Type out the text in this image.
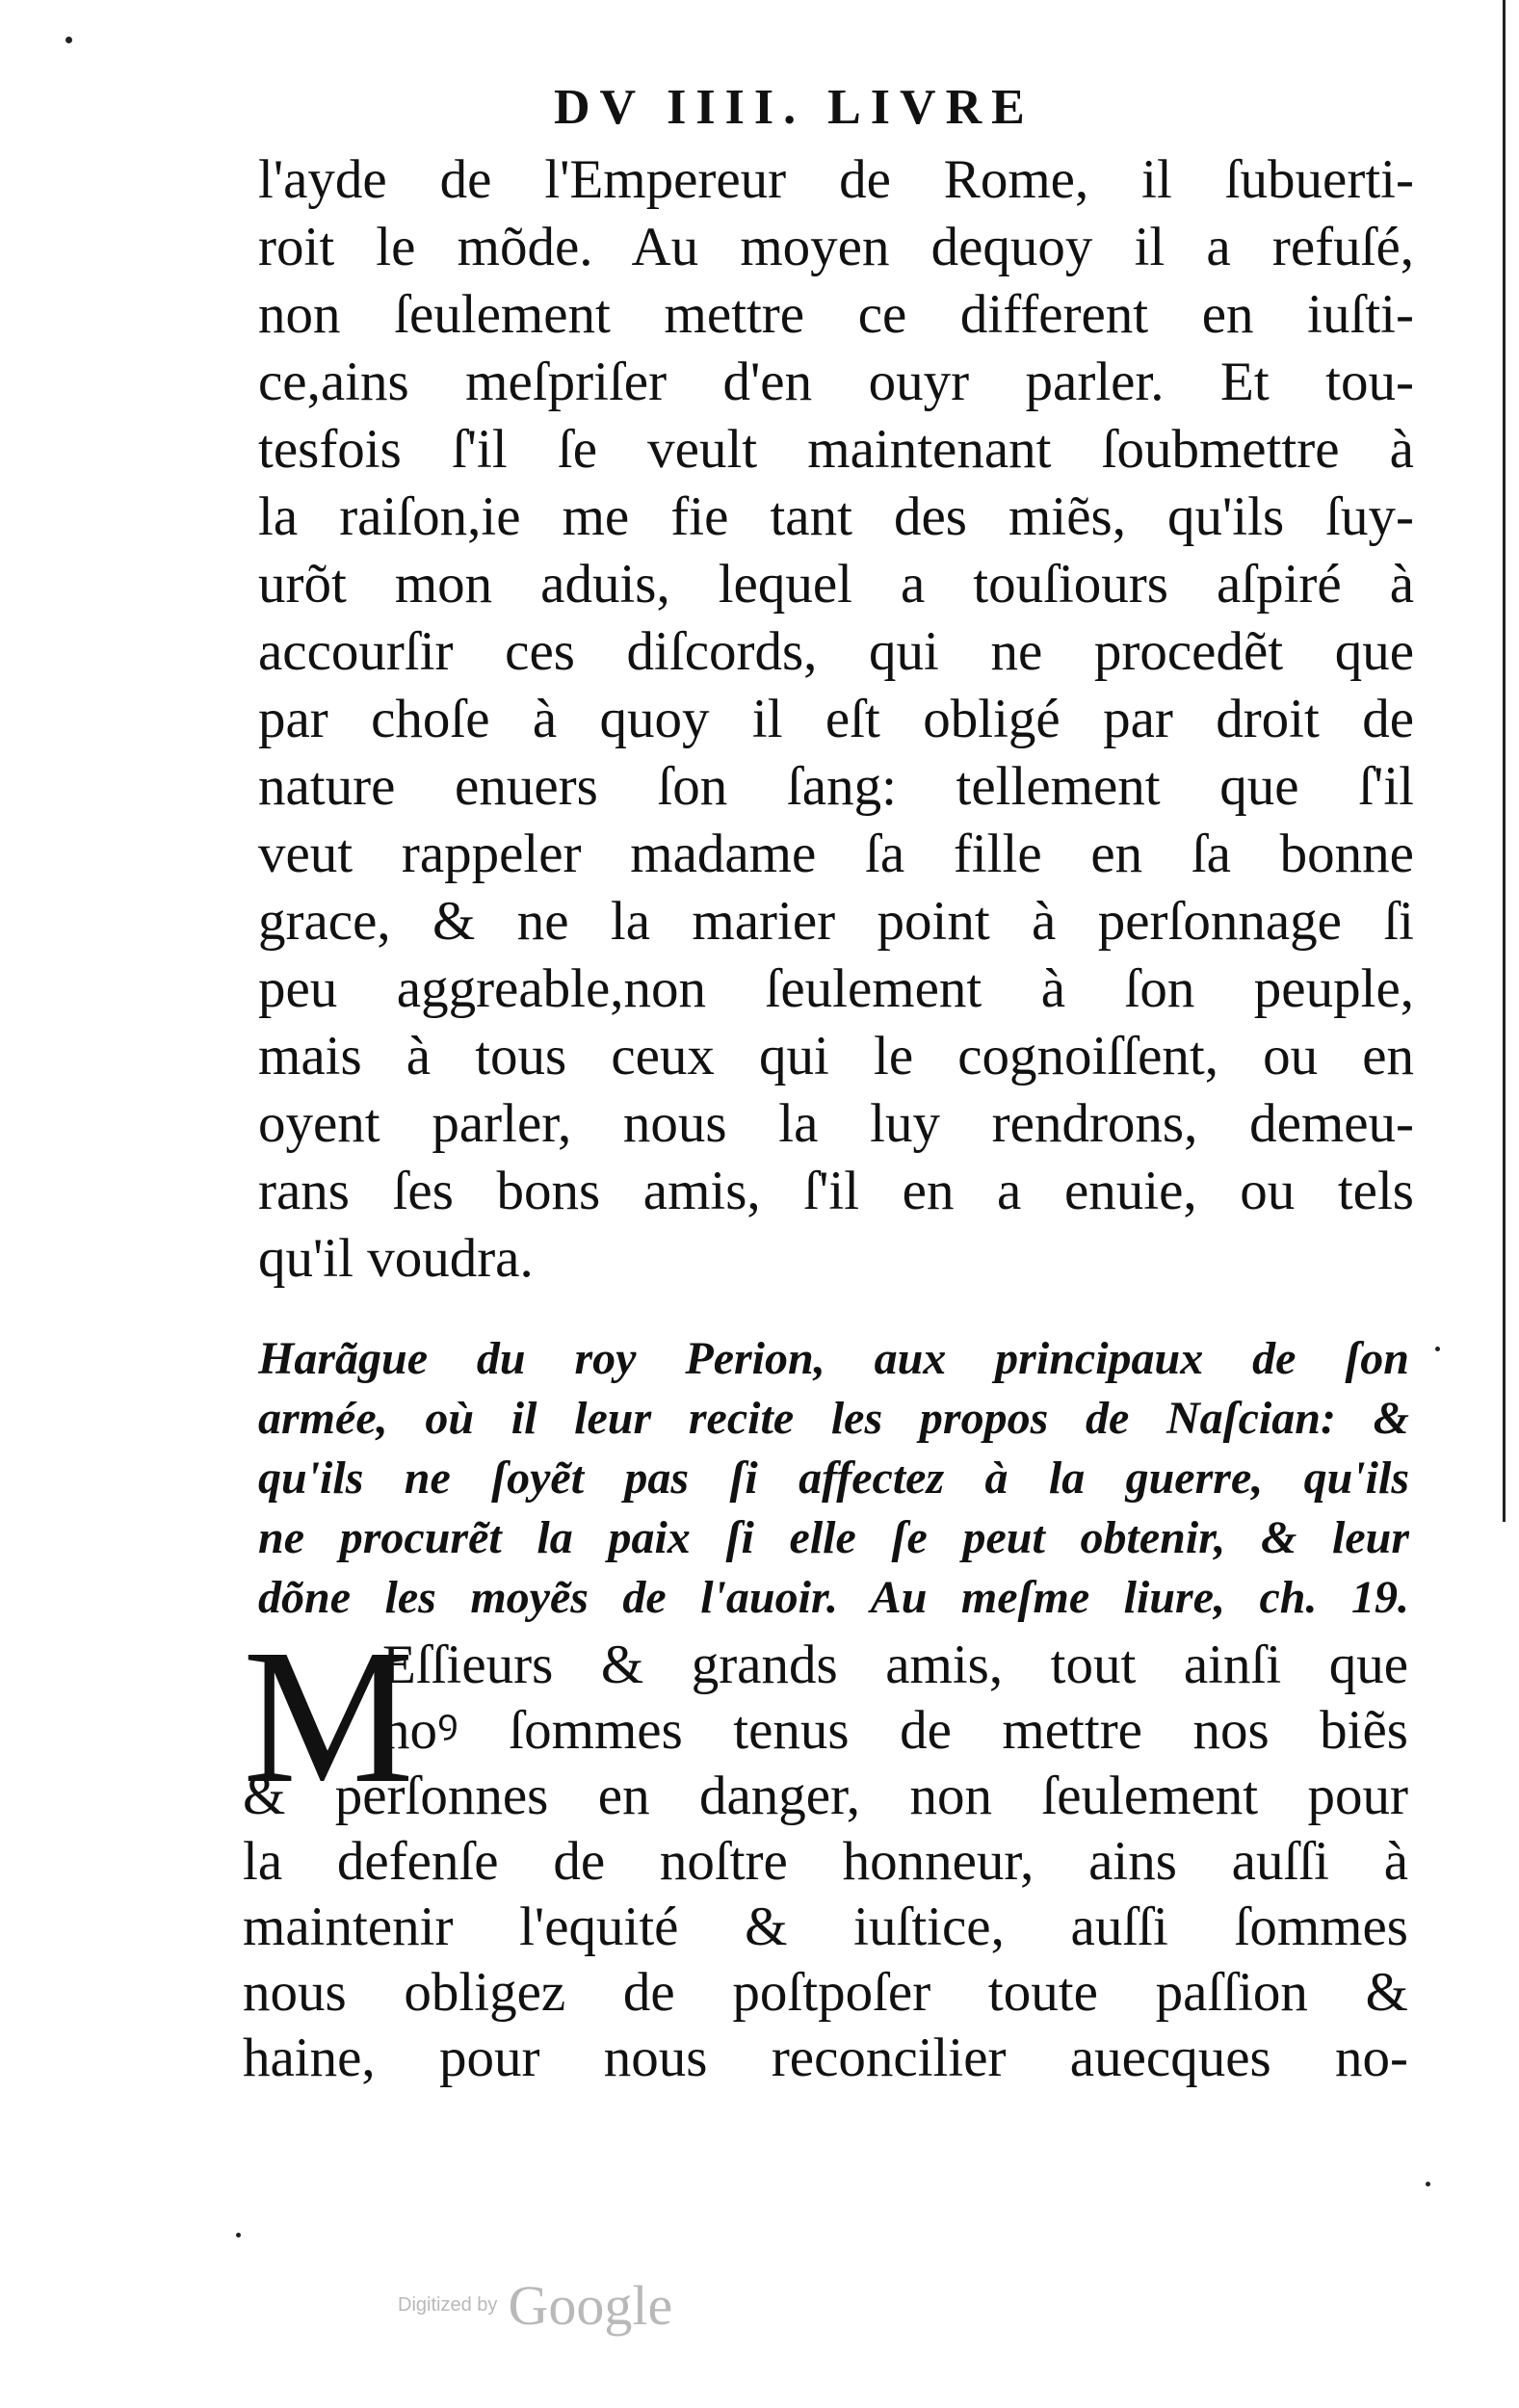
DV IIII. LIVRE
l'ayde de l'Empereur de Rome, il ſubuerti-
roit le mõde. Au moyen dequoy il a refuſé,
non ſeulement mettre ce different en iuſti-
ce,ains meſpriſer d'en ouyr parler. Et tou-
tesfois ſ'il ſe veult maintenant ſoubmettre à
la raiſon,ie me fie tant des miẽs, qu'ils ſuy-
urõt mon aduis, lequel a touſiours aſpiré à
accourſir ces diſcords, qui ne procedẽt que
par choſe à quoy il eſt obligé par droit de
nature enuers ſon ſang: tellement que ſ'il
veut rappeler madame ſa fille en ſa bonne
grace, & ne la marier point à perſonnage ſi
peu aggreable,non ſeulement à ſon peuple,
mais à tous ceux qui le cognoiſſent, ou en
oyent parler, nous la luy rendrons, demeu-
rans ſes bons amis, ſ'il en a enuie, ou tels
qu'il voudra.
Harãgue du roy Perion, aux principaux de ſon
armée, où il leur recite les propos de Naſcian: &
qu'ils ne ſoyẽt pas ſi affectez à la guerre, qu'ils
ne procurẽt la paix ſi elle ſe peut obtenir, & leur
dõne les moyẽs de l'auoir. Au meſme liure, ch. 19.
M
Eſſieurs & grands amis, tout ainſi que
noꝰ ſommes tenus de mettre nos biẽs
& perſonnes en danger, non ſeulement pour
la defenſe de noſtre honneur, ains auſſi à
maintenir l'equité & iuſtice, auſſi ſommes
nous obligez de poſtpoſer toute paſſion &
haine, pour nous reconcilier auecques no-
Digitized by Google
